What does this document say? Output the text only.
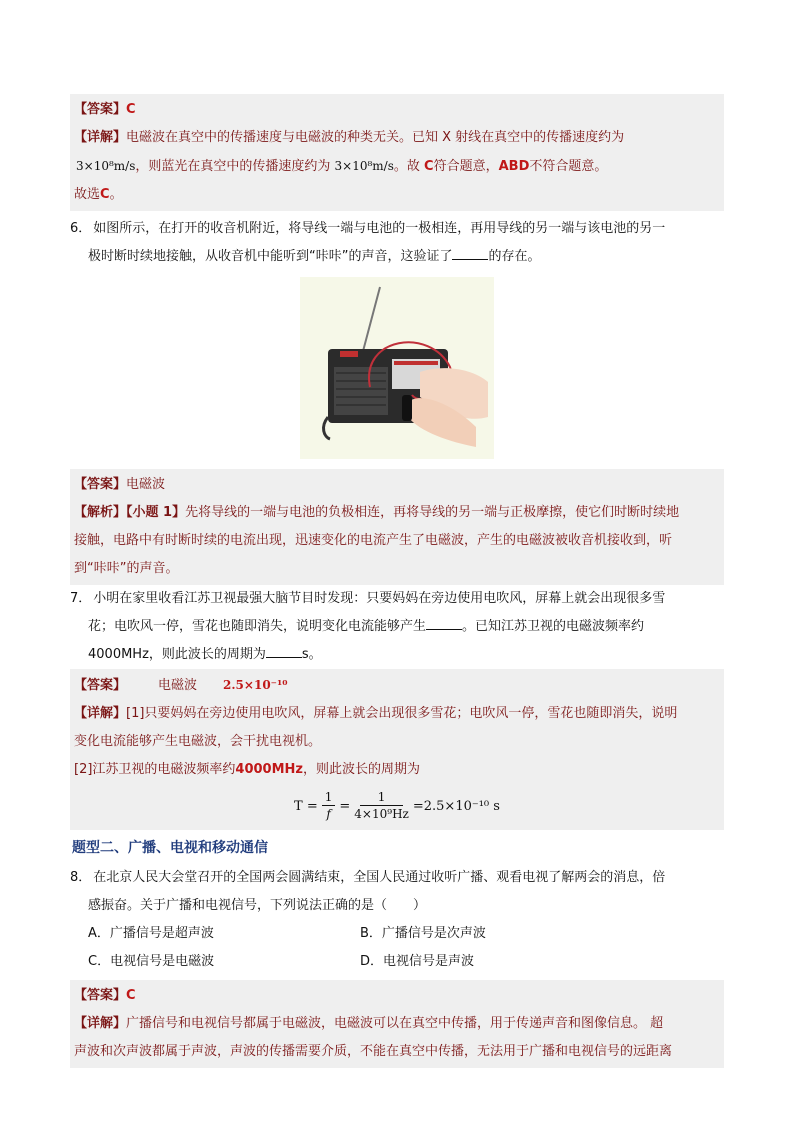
【答案】C

【详解】电磁波在真空中的传播速度与电磁波的种类无关。已知 X 射线在真空中的传播速度约为

3×10⁸m/s，则蓝光在真空中的传播速度约为 3×10⁸m/s。故 C符合题意，ABD不符合题意。

故选C。

6． 如图所示，在打开的收音机附近，将导线一端与电池的一极相连，再用导线的另一端与该电池的另一
极时断时续地接触，从收音机中能听到“咔咔”的声音，这验证了	的存在。

【答案】电磁波

【解析】【小题 1】先将导线的一端与电池的负极相连，再将导线的另一端与正极摩擦，使它们时断时续地

接触，电路中有时断时续的电流出现，迅速变化的电流产生了电磁波，产生的电磁波被收音机接收到，听

到“咔咔”的声音。

7． 小明在家里收看江苏卫视最强大脑节目时发现：只要妈妈在旁边使用电吹风，屏幕上就会出现很多雪
花；电吹风一停，雪花也随即消失，说明变化电流能够产生	。已知江苏卫视的电磁波频率约
4000MHz，则此波长的周期为	s。

【答案】 电磁波 2.5×10⁻¹⁰

【详解】[1]只要妈妈在旁边使用电吹风，屏幕上就会出现很多雪花；电吹风一停，雪花也随即消失，说明

变化电流能够产生电磁波，会干扰电视机。

[2]江苏卫视的电磁波频率约4000MHz，则此波长的周期为

$T = \frac{1}{f} = \frac{1}{\text{4×10⁹Hz}} =2.5\times 10^{-10}$ s
题型二、广播、电视和移动通信
8． 在北京人民大会堂召开的全国两会圆满结束，全国人民通过收听广播、观看电视了解两会的消息，倍
感振奋。关于广播和电视信号，下列说法正确的是（　　）
A．广播信号是超声波	B．广播信号是次声波
C．电视信号是电磁波	D．电视信号是声波

【答案】C

【详解】广播信号和电视信号都属于电磁波，电磁波可以在真空中传播，用于传递声音和图像信息。 超

声波和次声波都属于声波，声波的传播需要介质，不能在真空中传播，无法用于广播和电视信号的远距离
